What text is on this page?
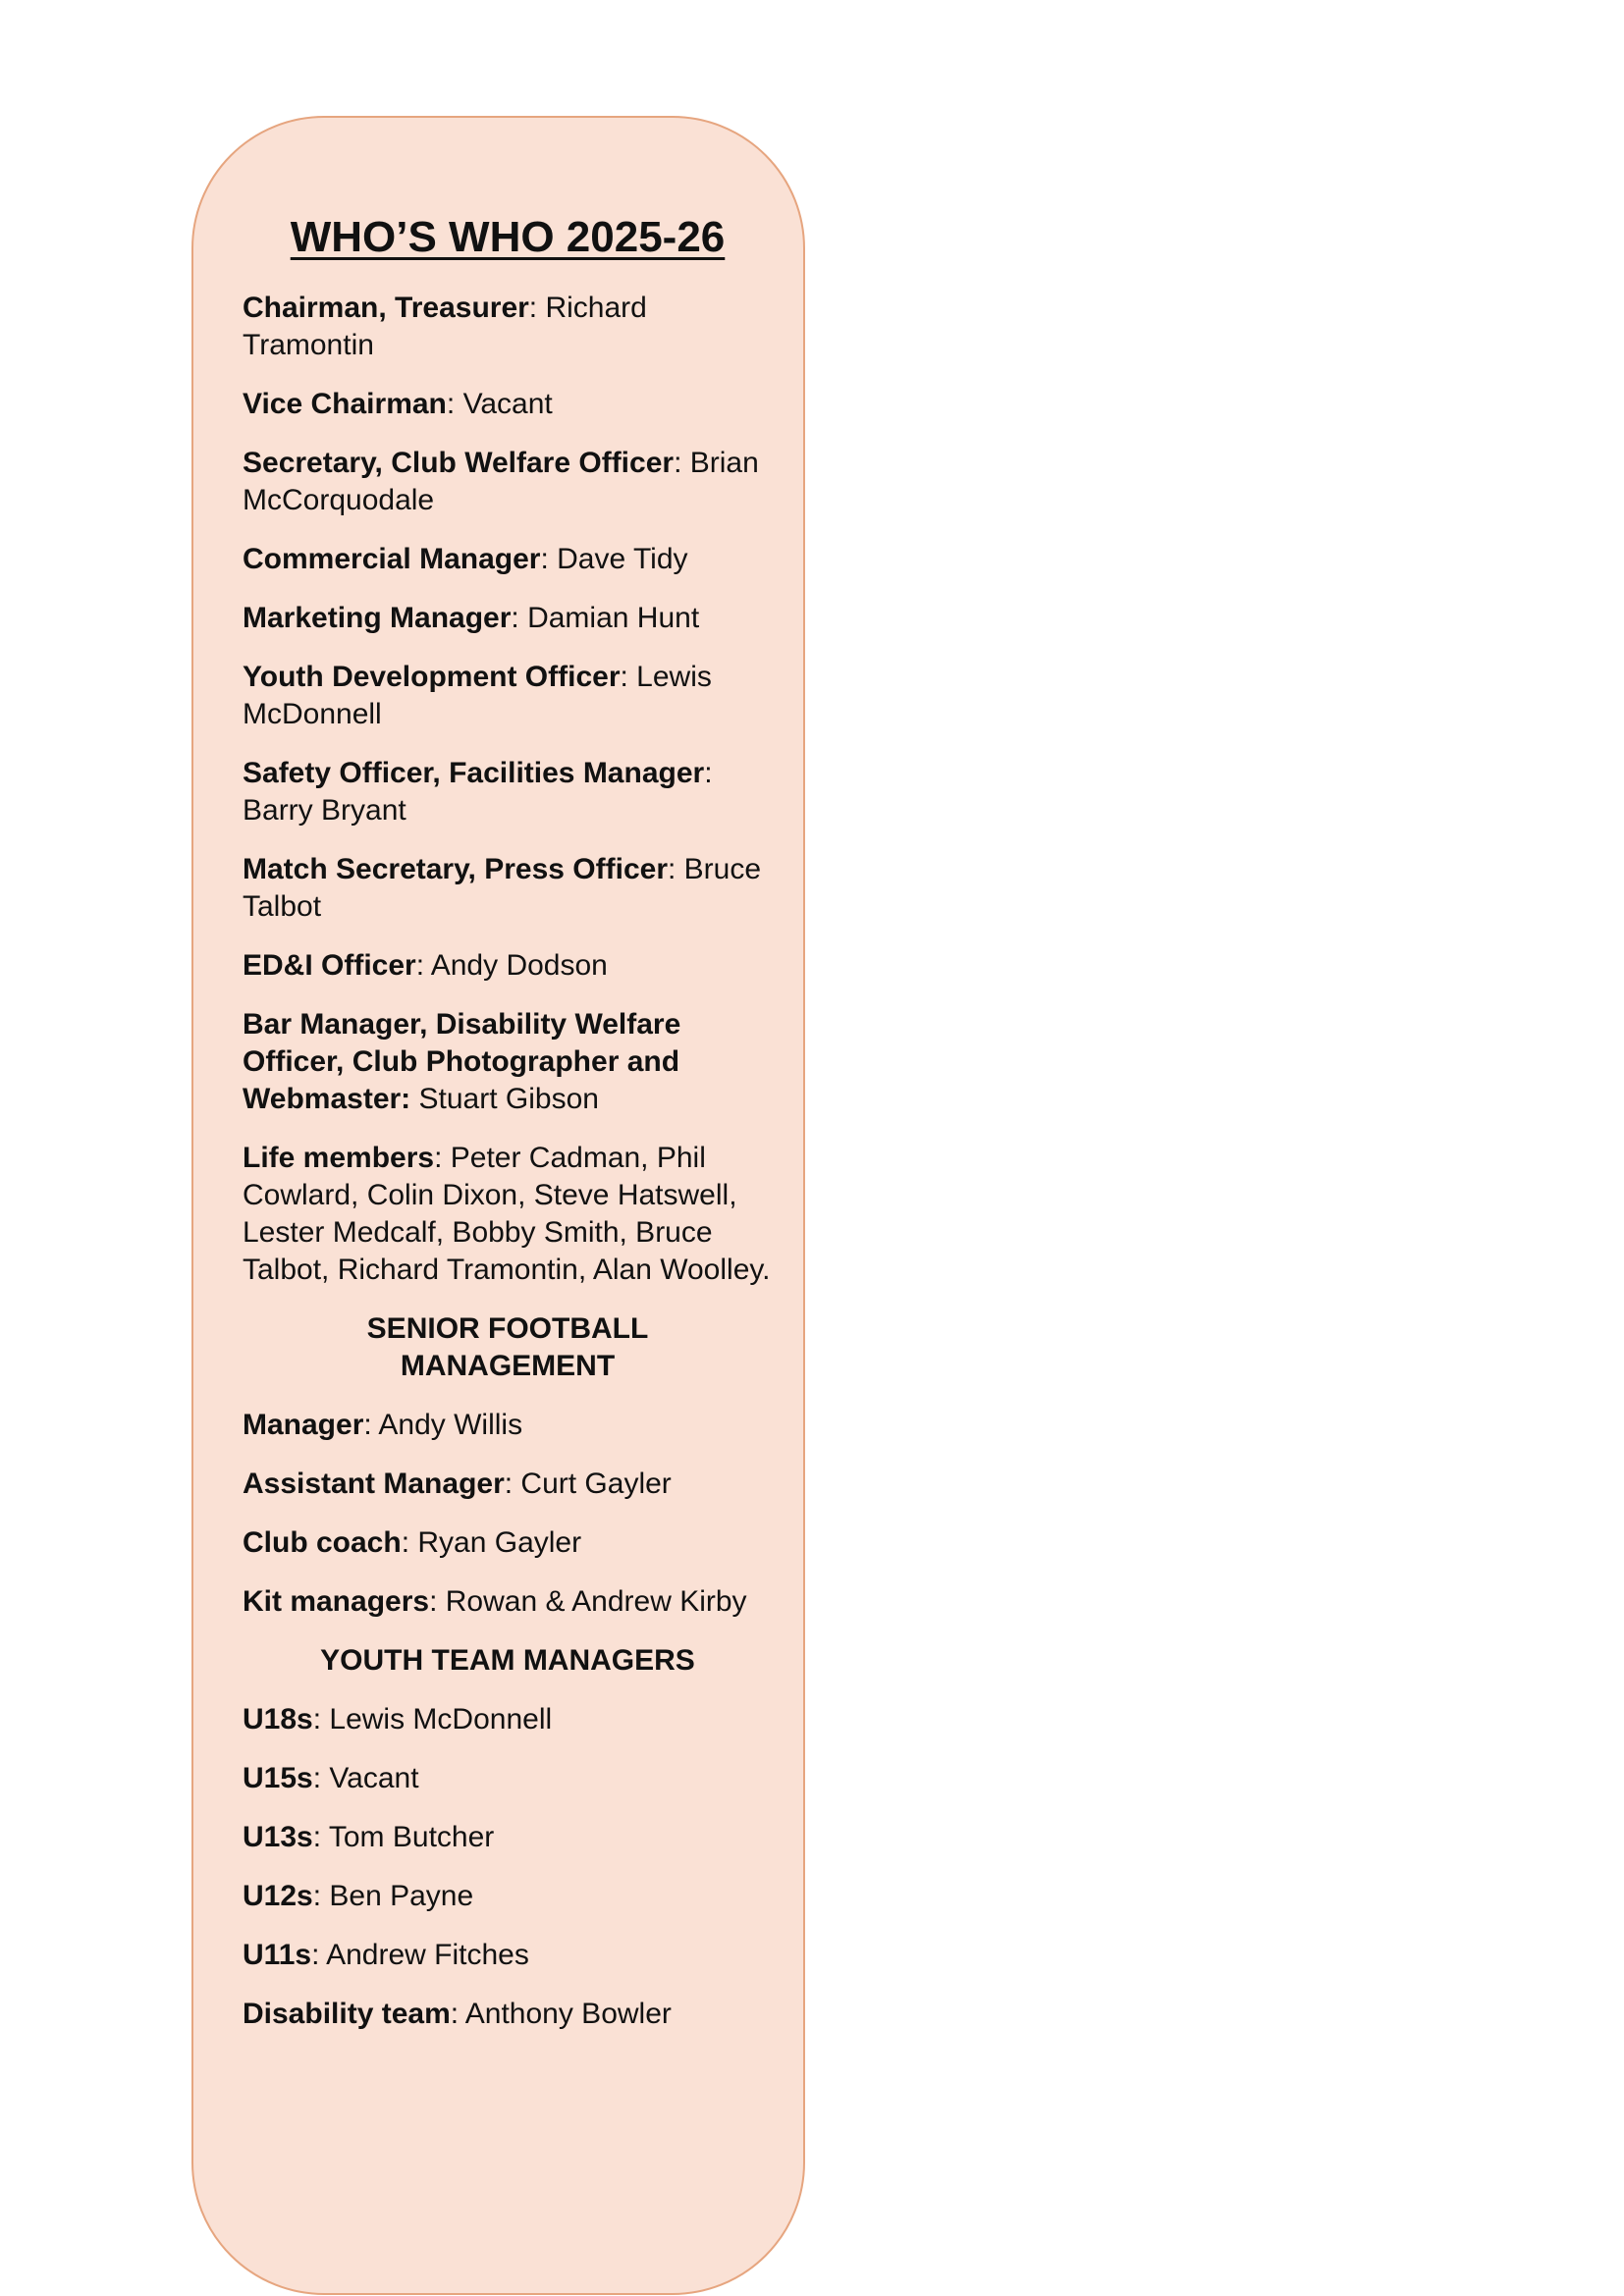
WHO’S WHO 2025-26
Chairman, Treasurer: Richard Tramontin
Vice Chairman: Vacant
Secretary, Club Welfare Officer: Brian McCorquodale
Commercial Manager: Dave Tidy
Marketing Manager: Damian Hunt
Youth Development Officer: Lewis McDonnell
Safety Officer, Facilities Manager: Barry Bryant
Match Secretary, Press Officer: Bruce Talbot
ED&I Officer: Andy Dodson
Bar Manager, Disability Welfare Officer, Club Photographer and Webmaster: Stuart Gibson
Life members: Peter Cadman, Phil Cowlard, Colin Dixon, Steve Hatswell, Lester Medcalf, Bobby Smith, Bruce Talbot, Richard Tramontin, Alan Woolley.
SENIOR FOOTBALL MANAGEMENT
Manager: Andy Willis
Assistant Manager: Curt Gayler
Club coach: Ryan Gayler
Kit managers: Rowan & Andrew Kirby
YOUTH TEAM MANAGERS
U18s: Lewis McDonnell
U15s: Vacant
U13s: Tom Butcher
U12s: Ben Payne
U11s: Andrew Fitches
Disability team: Anthony Bowler
